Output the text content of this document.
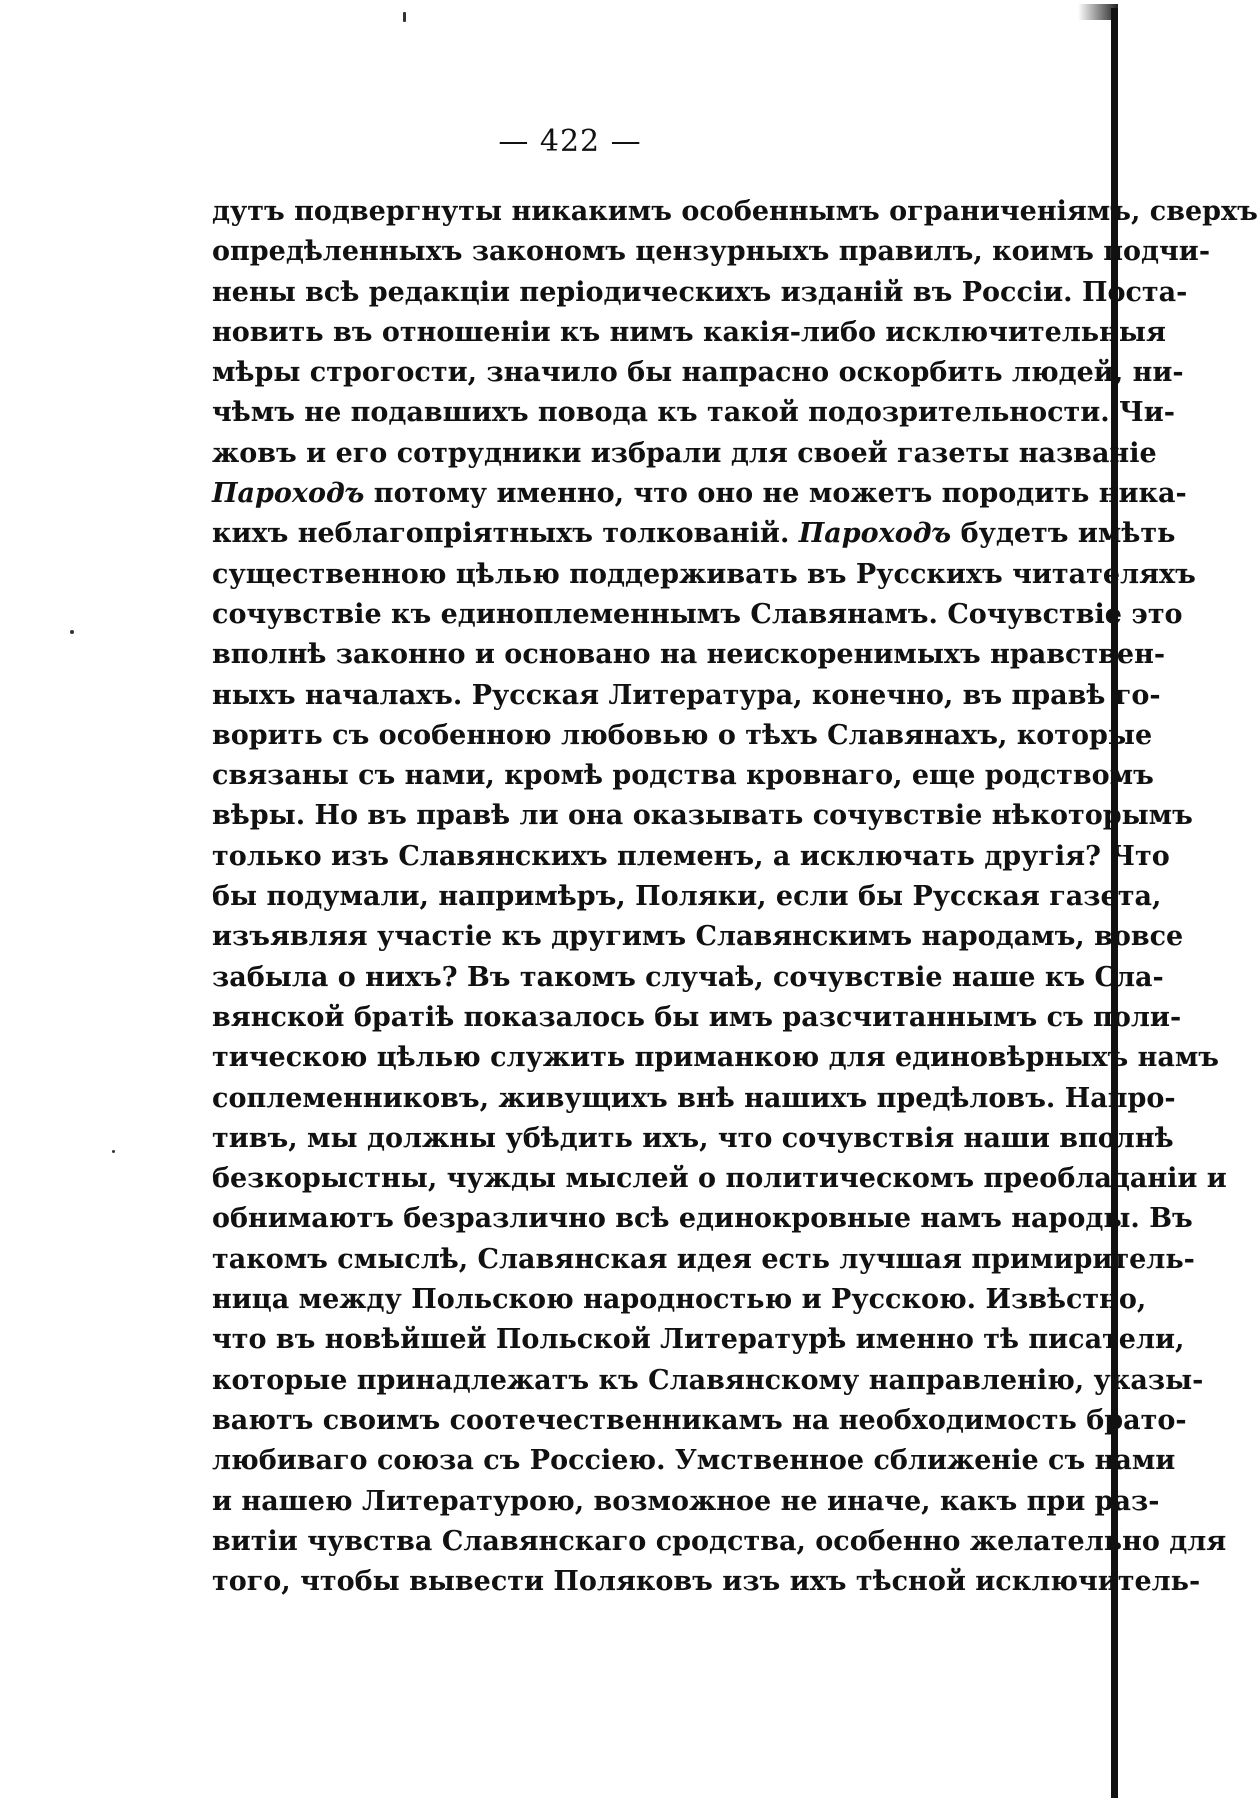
— 422 —
дутъ подвергнуты никакимъ особеннымъ ограниченіямъ, сверхъ
опредѣленныхъ закономъ цензурныхъ правилъ, коимъ подчи-
нены всѣ редакціи періодическихъ изданій въ Россіи. Поста-
новить въ отношеніи къ нимъ какія-либо исключительныя
мѣры строгости, значило бы напрасно оскорбить людей, ни-
чѣмъ не подавшихъ повода къ такой подозрительности. Чи-
жовъ и его сотрудники избрали для своей газеты названіе
Пароходъ потому именно, что оно не можетъ породить ника-
кихъ неблагопріятныхъ толкованій. Пароходъ будетъ имѣть
существенною цѣлью поддерживать въ Русскихъ читателяхъ
сочувствіе къ единоплеменнымъ Славянамъ. Сочувствіе это
вполнѣ законно и основано на неискоренимыхъ нравствен-
ныхъ началахъ. Русская Литература, конечно, въ правѣ го-
ворить съ особенною любовью о тѣхъ Славянахъ, которые
связаны съ нами, кромѣ родства кровнаго, еще родствомъ
вѣры. Но въ правѣ ли она оказывать сочувствіе нѣкоторымъ
только изъ Славянскихъ племенъ, а исключать другія? Что
бы подумали, напримѣръ, Поляки, если бы Русская газета,
изъявляя участіе къ другимъ Славянскимъ народамъ, вовсе
забыла о нихъ? Въ такомъ случаѣ, сочувствіе наше къ Сла-
вянской братіѣ показалось бы имъ разсчитаннымъ съ поли-
тическою цѣлью служить приманкою для единовѣрныхъ намъ
соплеменниковъ, живущихъ внѣ нашихъ предѣловъ. Напро-
тивъ, мы должны убѣдить ихъ, что сочувствія наши вполнѣ
безкорыстны, чужды мыслей о политическомъ преобладаніи и
обнимаютъ безразлично всѣ единокровные намъ народы. Въ
такомъ смыслѣ, Славянская идея есть лучшая примиритель-
ница между Польскою народностью и Русскою. Извѣстно,
что въ новѣйшей Польской Литературѣ именно тѣ писатели,
которые принадлежатъ къ Славянскому направленію, указы-
ваютъ своимъ соотечественникамъ на необходимость брато-
любиваго союза съ Россіею. Умственное сближеніе съ нами
и нашею Литературою, возможное не иначе, какъ при раз-
витіи чувства Славянскаго сродства, особенно желательно для
того, чтобы вывести Поляковъ изъ ихъ тѣсной исключитель-
